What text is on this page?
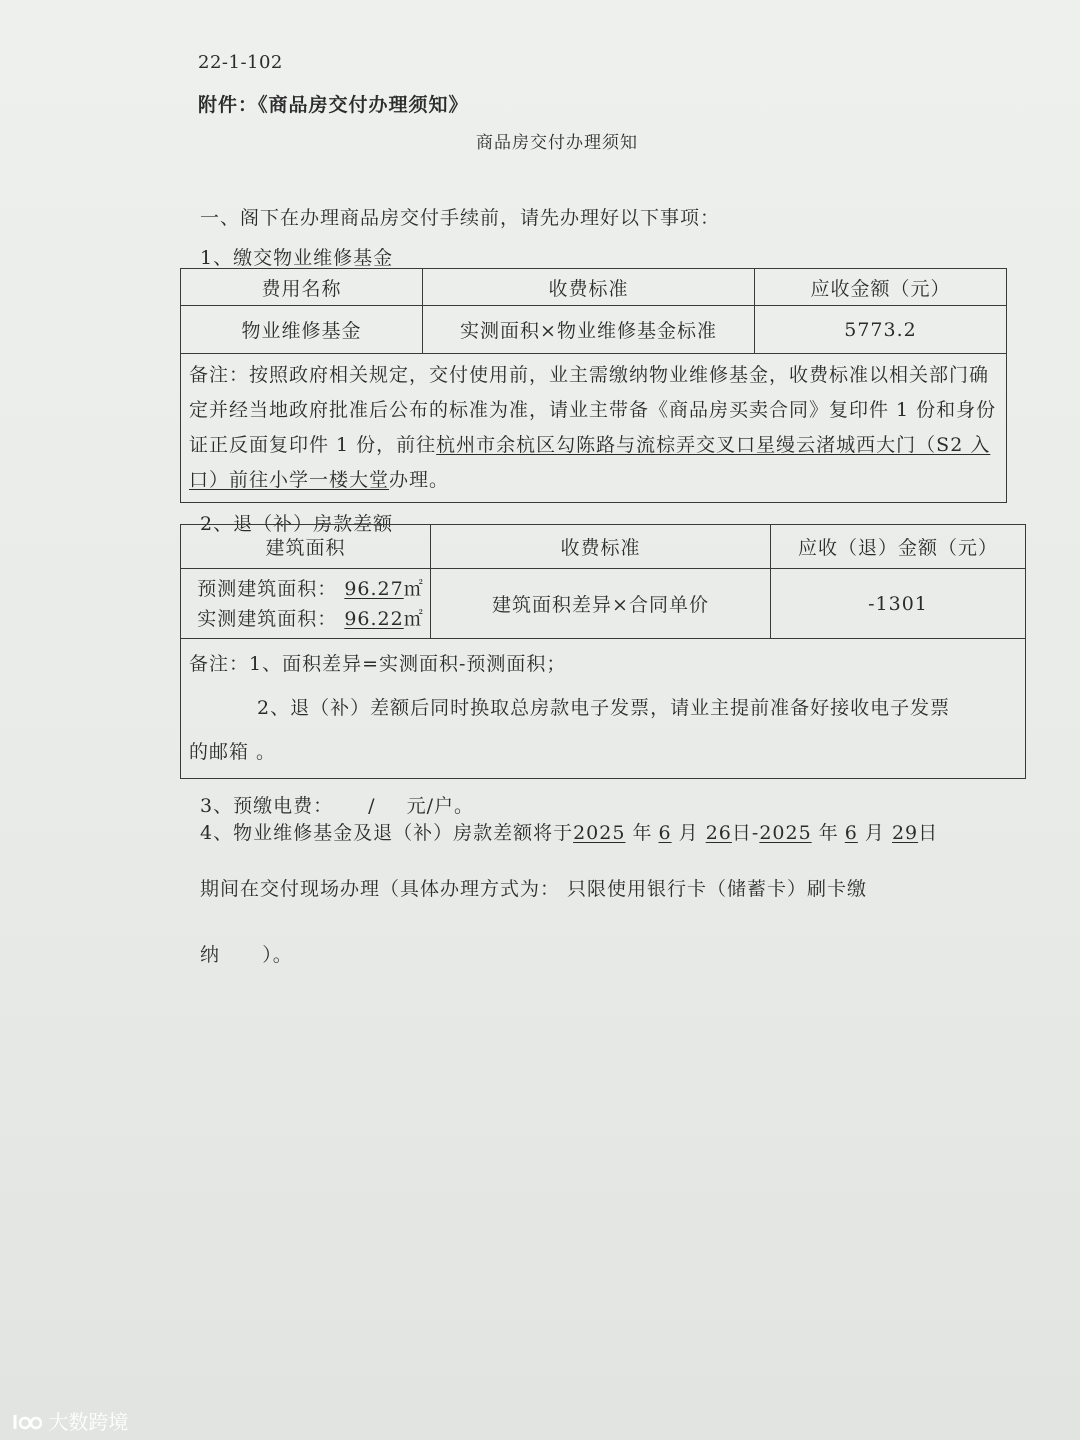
22-1-102
附件：《商品房交付办理须知》
商品房交付办理须知
一、阁下在办理商品房交付手续前，请先办理好以下事项：
1、缴交物业维修基金
费用名称	收费标准	应收金额（元）
物业维修基金	实测面积×物业维修基金标准	5773.2
备注：按照政府相关规定，交付使用前，业主需缴纳物业维修基金，收费标准以相关部门确定并经当地政府批准后公布的标准为准，请业主带备《商品房买卖合同》复印件 1 份和身份证正反面复印件 1 份，前往杭州市余杭区勾陈路与流棕弄交叉口星缦云渚城西大门（S2 入口）前往小学一楼大堂办理。		
2、退（补）房款差额
建筑面积	收费标准	应收（退）金额（元）

预测建筑面积： 96.27㎡
实测建筑面积： 96.22㎡	建筑面积差异×合同单价	-1301

备注：1、面积差异=实测面积-预测面积；
2、退（补）差额后同时换取总房款电子发票，请业主提前准备好接收电子发票
的邮箱 。		
3、预缴电费： / 元/户。
4、物业维修基金及退（补）房款差额将于2025 年 6 月 26日-2025 年 6 月 29日
期间在交付现场办理（具体办理方式为： 只限使用银行卡（储蓄卡）刷卡缴
纳      ）。
大数跨境
